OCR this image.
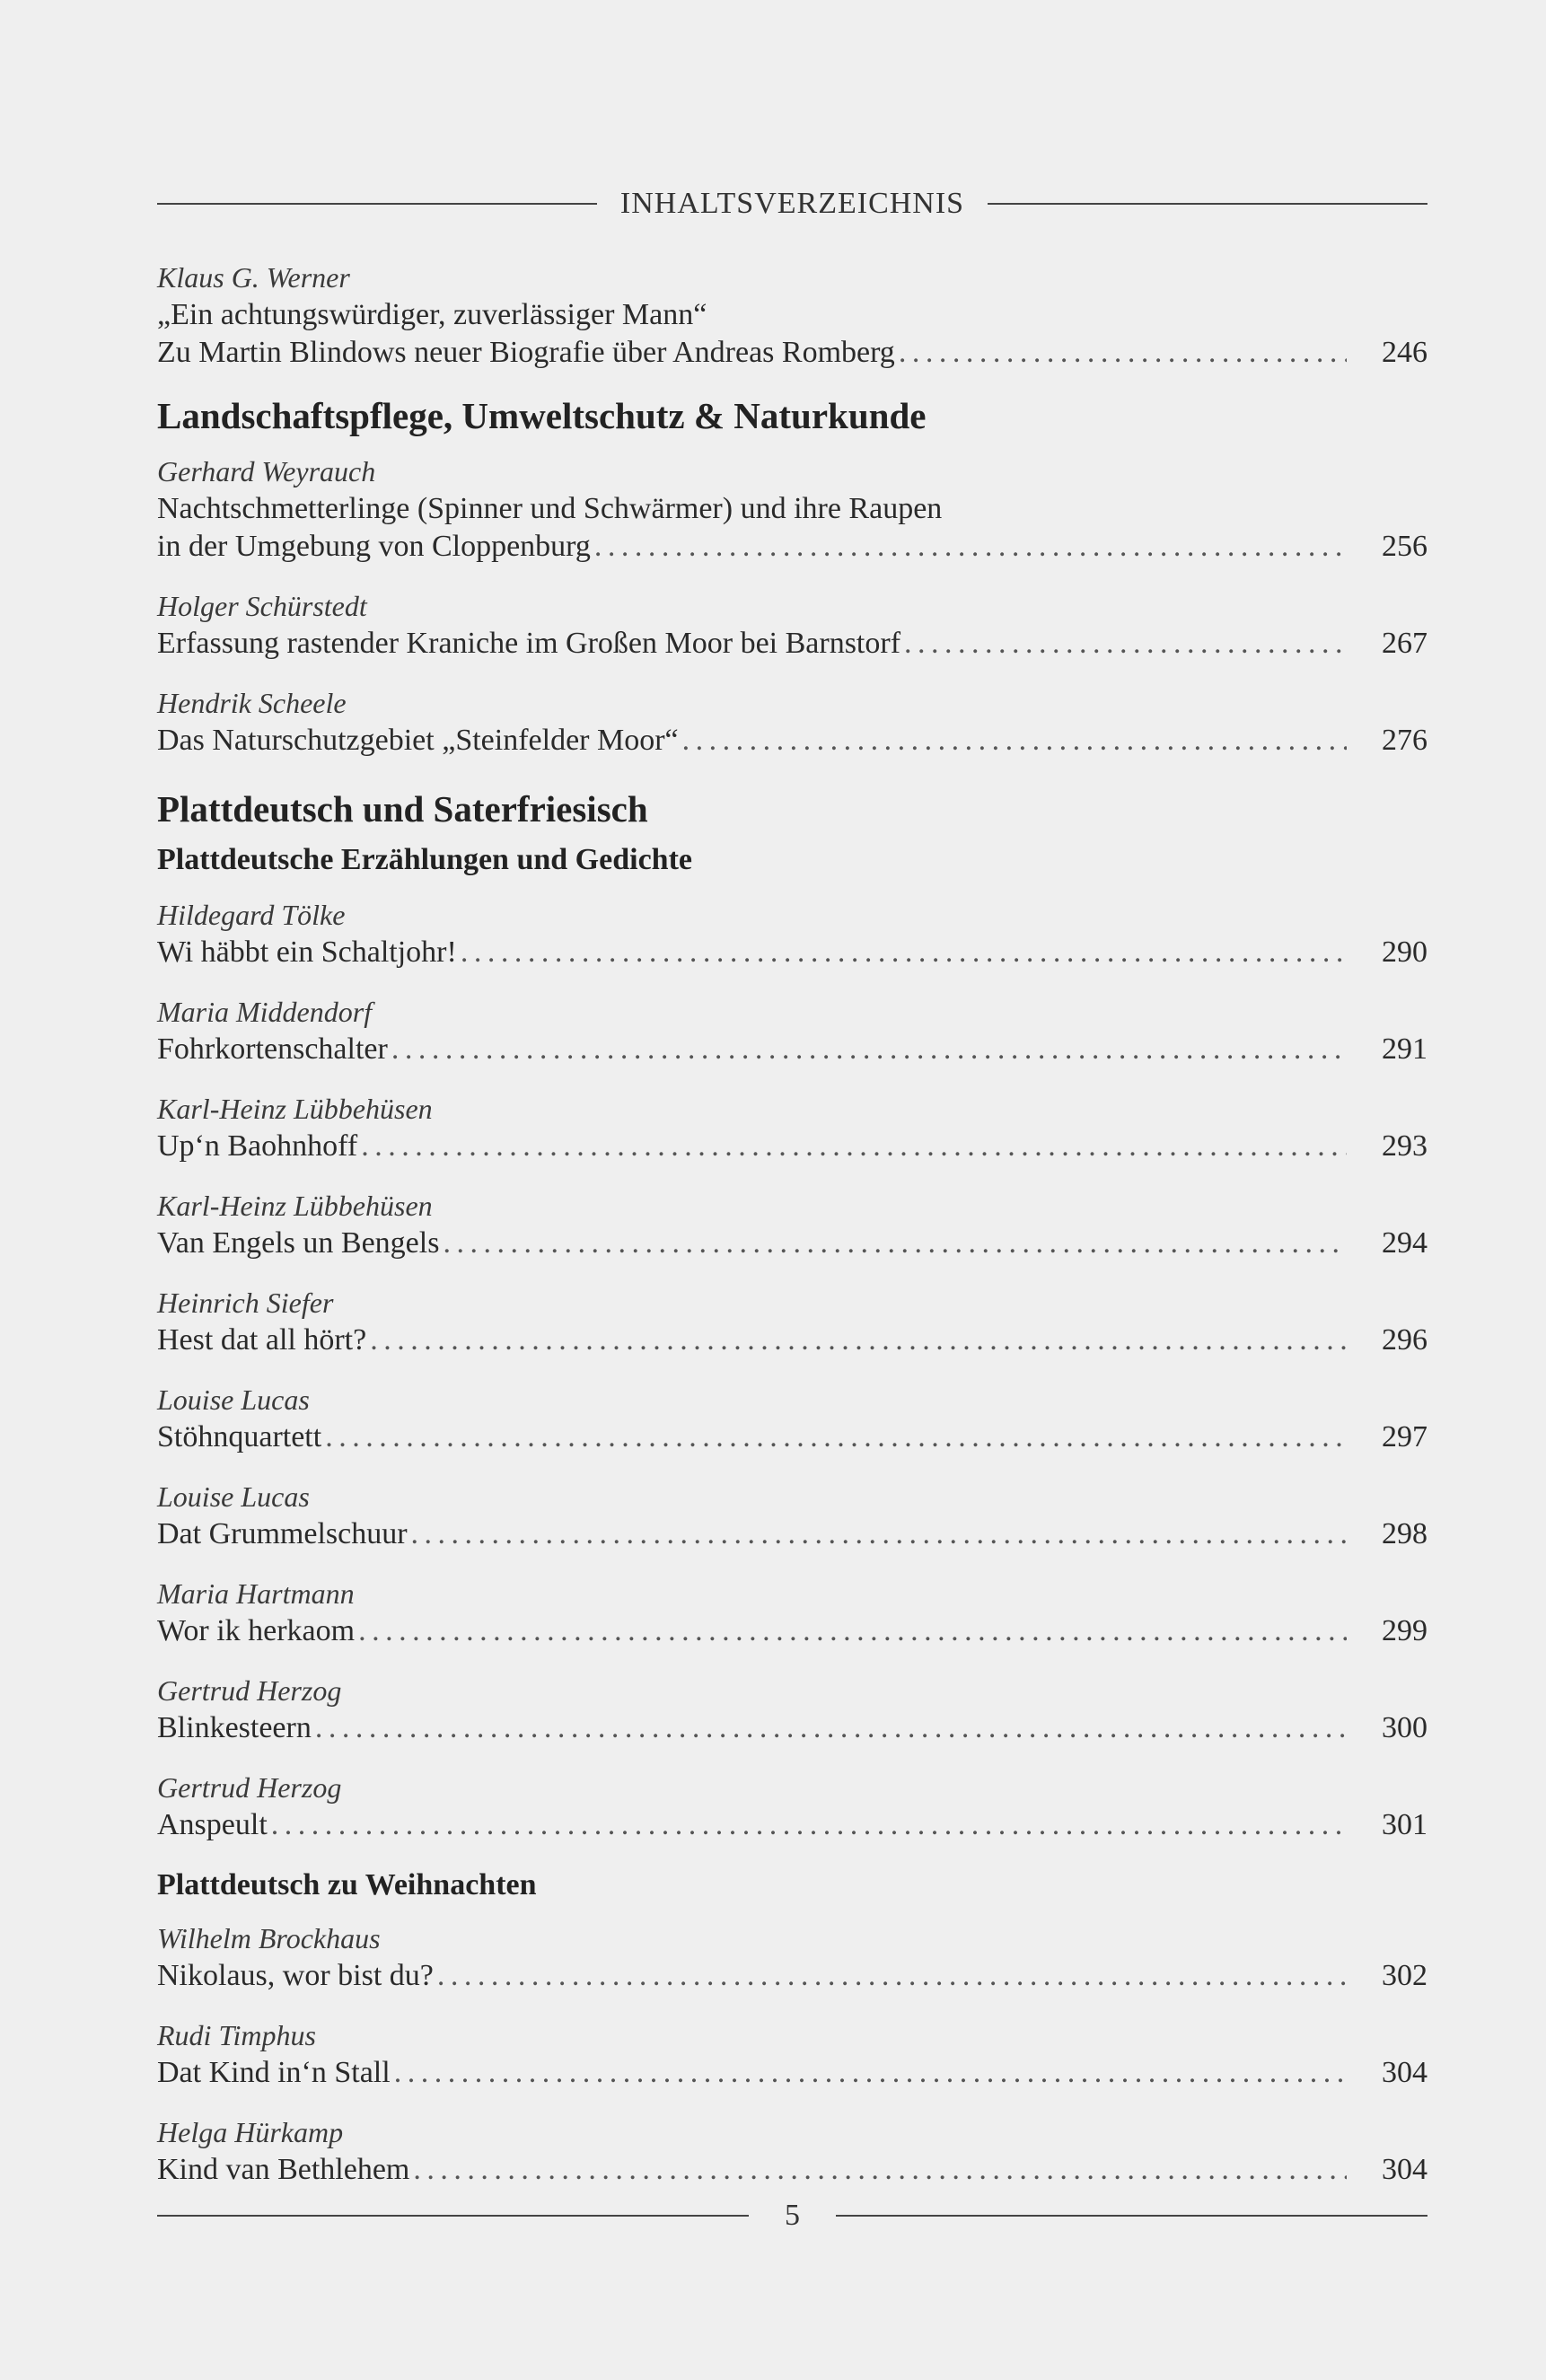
INHALTSVERZEICHNIS
Klaus G. Werner
„Ein achtungswürdiger, zuverlässiger Mann“
Zu Martin Blindows neuer Biografie über Andreas Romberg . . .	246
Landschaftspflege, Umweltschutz & Naturkunde
Gerhard Weyrauch
Nachtschmetterlinge (Spinner und Schwärmer) und ihre Raupen
in der Umgebung von Cloppenburg . . .	256
Holger Schürstedt
Erfassung rastender Kraniche im Großen Moor bei Barnstorf . . .	267
Hendrik Scheele
Das Naturschutzgebiet „Steinfelder Moor“ . . .	276
Plattdeutsch und Saterfriesisch
Plattdeutsche Erzählungen und Gedichte
Hildegard Tölke
Wi häbbt ein Schaltjohr! . . .	290
Maria Middendorf
Fohrkortenschalter . . .	291
Karl-Heinz Lübbehüsen
Up‘n Baohnhoff . . .	293
Karl-Heinz Lübbehüsen
Van Engels un Bengels . . .	294
Heinrich Siefer
Hest dat all hört? . . .	296
Louise Lucas
Stöhnquartett . . .	297
Louise Lucas
Dat Grummelschuur . . .	298
Maria Hartmann
Wor ik herkaom . . .	299
Gertrud Herzog
Blinkesteern . . .	300
Gertrud Herzog
Anspeult . . .	301
Plattdeutsch zu Weihnachten
Wilhelm Brockhaus
Nikolaus, wor bist du? . . .	302
Rudi Timphus
Dat Kind in‘n Stall . . .	304
Helga Hürkamp
Kind van Bethlehem . . .	304
5
